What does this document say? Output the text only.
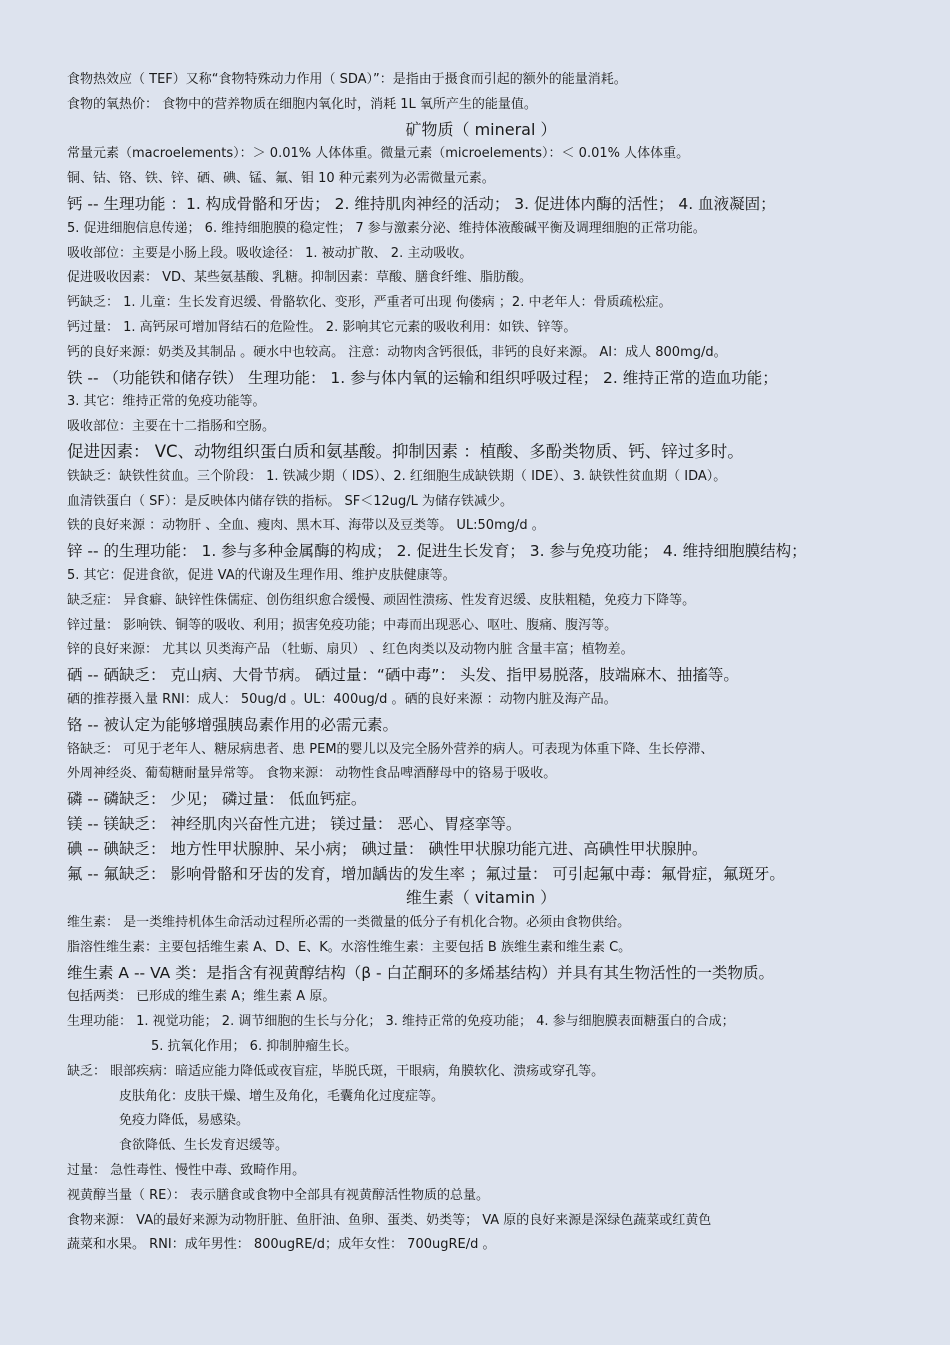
食物热效应（ TEF）又称“食物特殊动力作用（ SDA）”：是指由于摄食而引起的额外的能量消耗。
食物的氧热价： 食物中的营养物质在细胞内氧化时，消耗 1L 氧所产生的能量值。
矿物质（ mineral ）
常量元素（macroelements）：＞ 0.01% 人体体重。微量元素（microelements）：＜ 0.01% 人体体重。
铜、钴、铬、铁、锌、硒、碘、锰、氟、钼 10 种元素列为必需微量元素。
钙 -- 生理功能 ：1. 构成骨骼和牙齿； 2. 维持肌肉神经的活动； 3. 促进体内酶的活性； 4. 血液凝固；
5. 促进细胞信息传递； 6. 维持细胞膜的稳定性； 7 参与激素分泌、维持体液酸碱平衡及调理细胞的正常功能。
吸收部位：主要是小肠上段。吸收途径： 1. 被动扩散、 2. 主动吸收。
促进吸收因素： VD、某些氨基酸、乳糖。抑制因素：草酸、膳食纤维、脂肪酸。
钙缺乏： 1. 儿童：生长发育迟缓、骨骼软化、变形，严重者可出现 佝偻病 ；2. 中老年人：骨质疏松症。
钙过量： 1. 高钙尿可增加肾结石的危险性。 2. 影响其它元素的吸收利用：如铁、锌等。
钙的良好来源：奶类及其制品 。硬水中也较高。 注意：动物肉含钙很低，非钙的良好来源。 AI：成人 800mg/d。
铁 -- （功能铁和储存铁） 生理功能： 1. 参与体内氧的运输和组织呼吸过程； 2. 维持正常的造血功能；
3. 其它：维持正常的免疫功能等。
吸收部位：主要在十二指肠和空肠。
促进因素： VC、动物组织蛋白质和氨基酸。抑制因素 ：植酸、多酚类物质、钙、锌过多时。
铁缺乏：缺铁性贫血。三个阶段： 1. 铁减少期（ IDS）、2. 红细胞生成缺铁期（ IDE）、3. 缺铁性贫血期（ IDA）。
血清铁蛋白（ SF）：是反映体内储存铁的指标。 SF＜12ug/L 为储存铁减少。
铁的良好来源 ：动物肝 、全血、瘦肉、黑木耳、海带以及豆类等。 UL:50mg/d 。
锌 -- 的生理功能： 1. 参与多种金属酶的构成； 2. 促进生长发育； 3. 参与免疫功能； 4. 维持细胞膜结构；
5. 其它：促进食欲，促进 VA的代谢及生理作用、维护皮肤健康等。
缺乏症： 异食癖、缺锌性侏儒症、创伤组织愈合缓慢、顽固性溃疡、性发育迟缓、皮肤粗糙，免疫力下降等。
锌过量： 影响铁、铜等的吸收、利用；损害免疫功能；中毒而出现恶心、呕吐、腹痛、腹泻等。
锌的良好来源： 尤其以 贝类海产品 （牡蛎、扇贝） 、红色肉类以及动物内脏 含量丰富；植物差。
硒 -- 硒缺乏： 克山病、大骨节病。 硒过量：“硒中毒”： 头发、指甲易脱落，肢端麻木、抽搐等。
硒的推荐摄入量 RNI：成人： 50ug/d 。UL：400ug/d 。硒的良好来源 ：动物内脏及海产品。
铬 -- 被认定为能够增强胰岛素作用的必需元素。
铬缺乏： 可见于老年人、糖尿病患者、患 PEM的婴儿以及完全肠外营养的病人。可表现为体重下降、生长停滞、
外周神经炎、葡萄糖耐量异常等。 食物来源： 动物性食品啤酒酵母中的铬易于吸收。
磷 -- 磷缺乏： 少见； 磷过量： 低血钙症。
镁 -- 镁缺乏： 神经肌肉兴奋性亢进； 镁过量： 恶心、胃痉挛等。
碘 -- 碘缺乏： 地方性甲状腺肿、呆小病； 碘过量： 碘性甲状腺功能亢进、高碘性甲状腺肿。
氟 -- 氟缺乏： 影响骨骼和牙齿的发育，增加龋齿的发生率 ；氟过量： 可引起氟中毒：氟骨症，氟斑牙。
维生素（ vitamin ）
维生素： 是一类维持机体生命活动过程所必需的一类微量的低分子有机化合物。必须由食物供给。
脂溶性维生素：主要包括维生素 A、D、E、K。水溶性维生素：主要包括 B 族维生素和维生素 C。
维生素 A -- VA 类：是指含有视黄醇结构（β - 白芷酮环的多烯基结构）并具有其生物活性的一类物质。
包括两类： 已形成的维生素 A；维生素 A 原。
生理功能： 1. 视觉功能； 2. 调节细胞的生长与分化； 3. 维持正常的免疫功能； 4. 参与细胞膜表面糖蛋白的合成；
5. 抗氧化作用； 6. 抑制肿瘤生长。
缺乏： 眼部疾病：暗适应能力降低或夜盲症，毕脱氏斑，干眼病，角膜软化、溃疡或穿孔等。
皮肤角化：皮肤干燥、增生及角化，毛囊角化过度症等。
免疫力降低，易感染。
食欲降低、生长发育迟缓等。
过量： 急性毒性、慢性中毒、致畸作用。
视黄醇当量（ RE）： 表示膳食或食物中全部具有视黄醇活性物质的总量。
食物来源： VA的最好来源为动物肝脏、鱼肝油、鱼卵、蛋类、奶类等； VA 原的良好来源是深绿色蔬菜或红黄色
蔬菜和水果。 RNI：成年男性： 800ugRE/d；成年女性： 700ugRE/d 。
